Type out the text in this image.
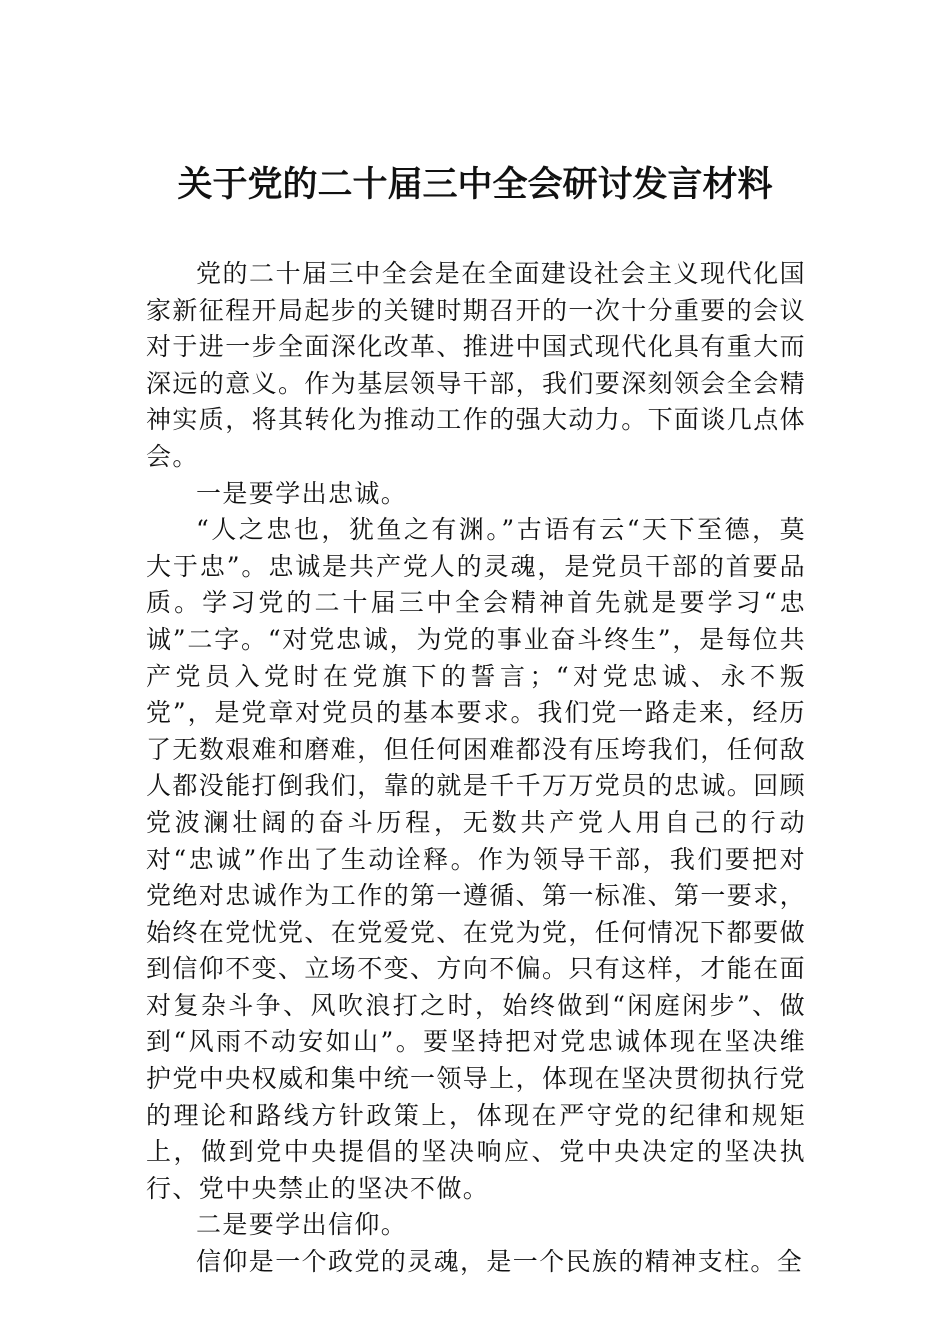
关于党的二十届三中全会研讨发言材料

党的二十届三中全会是在全面建设社会主义现代化国家新征程开局起步的关键时期召开的一次十分重要的会议对于进一步全面深化改革、推进中国式现代化具有重大而深远的意义。作为基层领导干部，我们要深刻领会全会精神实质，将其转化为推动工作的强大动力。下面谈几点体会。

一是要学出忠诚。

“人之忠也，犹鱼之有渊。”古语有云“天下至德，莫大于忠”。忠诚是共产党人的灵魂，是党员干部的首要品质。学习党的二十届三中全会精神首先就是要学习“忠诚”二字。“对党忠诚，为党的事业奋斗终生”，是每位共产党员入党时在党旗下的誓言；“对党忠诚、永不叛党”，是党章对党员的基本要求。我们党一路走来，经历了无数艰难和磨难，但任何困难都没有压垮我们，任何敌人都没能打倒我们，靠的就是千千万万党员的忠诚。回顾党波澜壮阔的奋斗历程，无数共产党人用自己的行动对“忠诚”作出了生动诠释。作为领导干部，我们要把对党绝对忠诚作为工作的第一遵循、第一标准、第一要求，始终在党忧党、在党爱党、在党为党，任何情况下都要做到信仰不变、立场不变、方向不偏。只有这样，才能在面对复杂斗争、风吹浪打之时，始终做到“闲庭闲步”、做到“风雨不动安如山”。要坚持把对党忠诚体现在坚决维护党中央权威和集中统一领导上，体现在坚决贯彻执行党的理论和路线方针政策上，体现在严守党的纪律和规矩上，做到党中央提倡的坚决响应、党中央决定的坚决执行、党中央禁止的坚决不做。

二是要学出信仰。

信仰是一个政党的灵魂，是一个民族的精神支柱。全
